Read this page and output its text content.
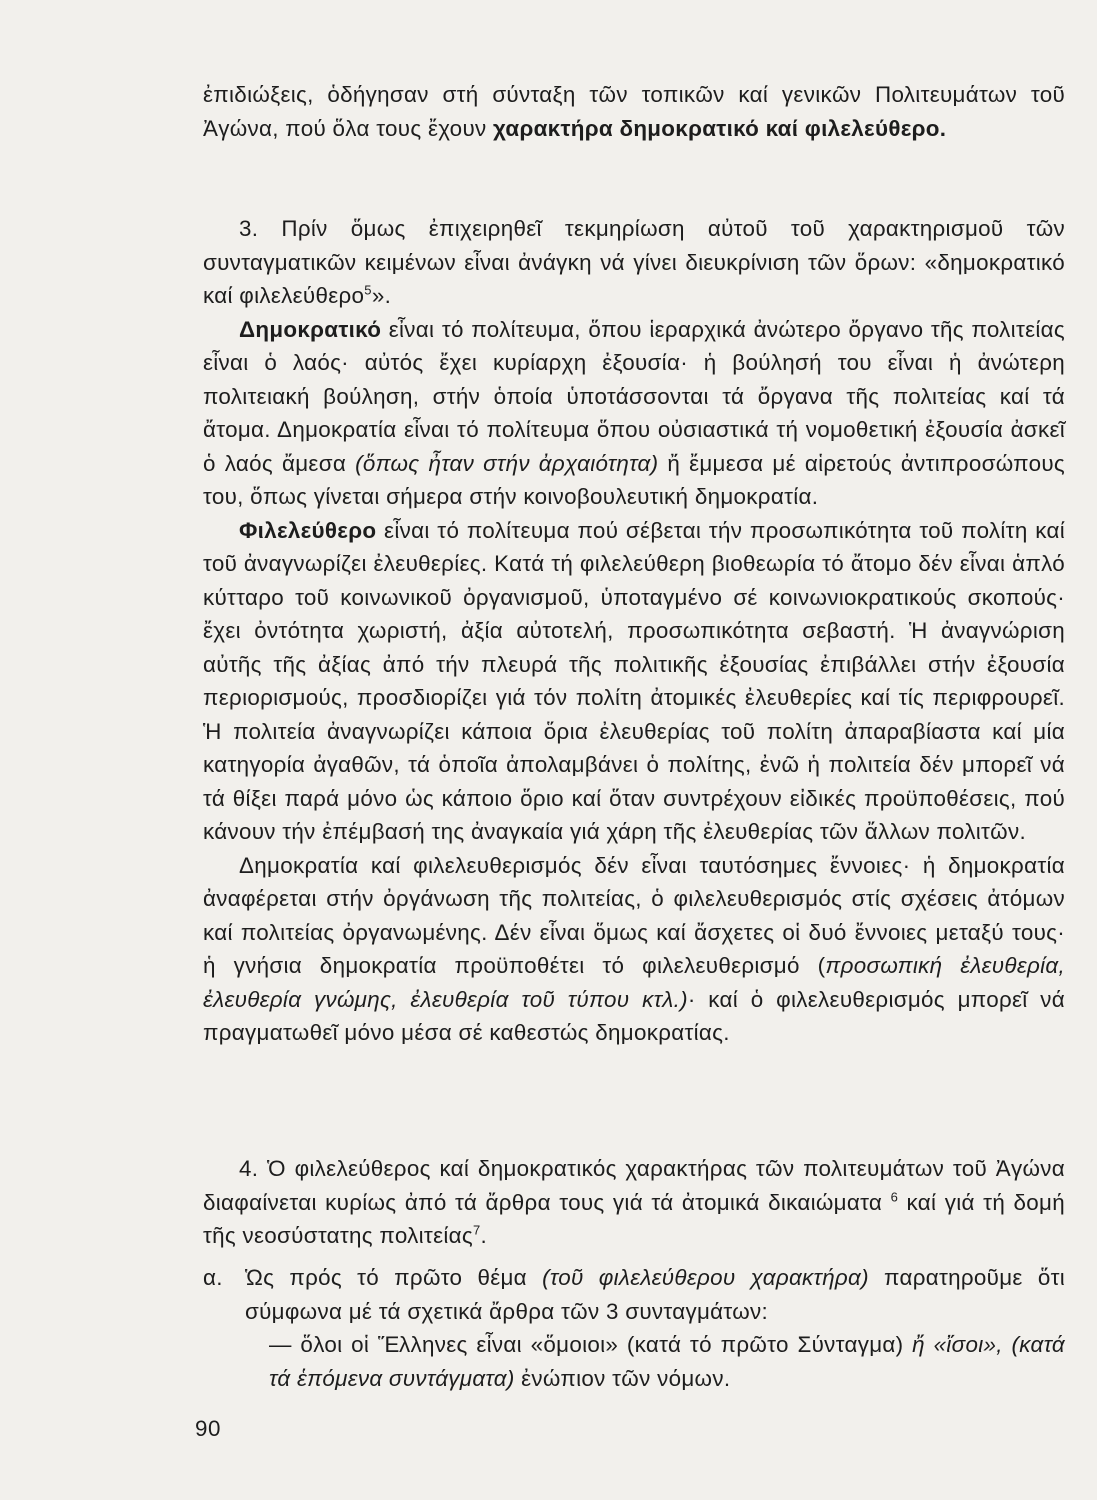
ἐπιδιώξεις, ὁδήγησαν στή σύνταξη τῶν τοπικῶν καί γενικῶν Πολιτευμάτων τοῦ Ἀγώνα, πού ὅλα τους ἔχουν χαρακτήρα δημοκρατικό καί φιλελεύθερο.

3. Πρίν ὅμως ἐπιχειρηθεῖ τεκμηρίωση αὐτοῦ τοῦ χαρακτηρισμοῦ τῶν συνταγματικῶν κειμένων εἶναι ἀνάγκη νά γίνει διευκρίνιση τῶν ὅρων: «δημοκρατικό καί φιλελεύθερο$^5$».

Δημοκρατικό εἶναι τό πολίτευμα, ὅπου ἱεραρχικά ἀνώτερο ὄργανο τῆς πολιτείας εἶναι ὁ λαός· αὐτός ἔχει κυρίαρχη ἐξουσία· ἡ βούλησή του εἶναι ἡ ἀνώτερη πολιτειακή βούληση, στήν ὁποία ὑποτάσσονται τά ὄργανα τῆς πολιτείας καί τά ἄτομα. Δημοκρατία εἶναι τό πολίτευμα ὅπου οὐσιαστικά τή νομοθετική ἐξουσία ἀσκεῖ ὁ λαός ἄμεσα (ὅπως ἦταν στήν ἀρχαιότητα) ἤ ἔμμεσα μέ αἱρετούς ἀντιπροσώπους του, ὅπως γίνεται σήμερα στήν κοινοβουλευτική δημοκρατία.

Φιλελεύθερο εἶναι τό πολίτευμα πού σέβεται τήν προσωπικότητα τοῦ πολίτη καί τοῦ ἀναγνωρίζει ἐλευθερίες. Κατά τή φιλελεύθερη βιοθεωρία τό ἄτομο δέν εἶναι ἁπλό κύτταρο τοῦ κοινωνικοῦ ὀργανισμοῦ, ὑποταγμένο σέ κοινωνιοκρατικούς σκοπούς· ἔχει ὀντότητα χωριστή, ἀξία αὐτοτελή, προσωπικότητα σεβαστή. Ἡ ἀναγνώριση αὐτῆς τῆς ἀξίας ἀπό τήν πλευρά τῆς πολιτικῆς ἐξουσίας ἐπιβάλλει στήν ἐξουσία περιορισμούς, προσδιορίζει γιά τόν πολίτη ἀτομικές ἐλευθερίες καί τίς περιφρουρεῖ. Ἡ πολιτεία ἀναγνωρίζει κάποια ὅρια ἐλευθερίας τοῦ πολίτη ἀπαραβίαστα καί μία κατηγορία ἀγαθῶν, τά ὁποῖα ἀπολαμβάνει ὁ πολίτης, ἐνῶ ἡ πολιτεία δέν μπορεῖ νά τά θίξει παρά μόνο ὡς κάποιο ὅριο καί ὅταν συντρέχουν εἰδικές προϋποθέσεις, πού κάνουν τήν ἐπέμβασή της ἀναγκαία γιά χάρη τῆς ἐλευθερίας τῶν ἄλλων πολιτῶν.

Δημοκρατία καί φιλελευθερισμός δέν εἶναι ταυτόσημες ἔννοιες· ἡ δημοκρατία ἀναφέρεται στήν ὀργάνωση τῆς πολιτείας, ὁ φιλελευθερισμός στίς σχέσεις ἀτόμων καί πολιτείας ὀργανωμένης. Δέν εἶναι ὅμως καί ἄσχετες οἱ δυό ἔννοιες μεταξύ τους· ἡ γνήσια δημοκρατία προϋποθέτει τό φιλελευθερισμό (προσωπική ἐλευθερία, ἐλευθερία γνώμης, ἐλευθερία τοῦ τύπου κτλ.)· καί ὁ φιλελευθερισμός μπορεῖ νά πραγματωθεῖ μόνο μέσα σέ καθεστώς δημοκρατίας.

4. Ὁ φιλελεύθερος καί δημοκρατικός χαρακτήρας τῶν πολιτευμάτων τοῦ Ἀγώνα διαφαίνεται κυρίως ἀπό τά ἄρθρα τους γιά τά ἀτομικά δικαιώματα $^6$ καί γιά τή δομή τῆς νεοσύστατης πολιτείας$^7$.

α. Ὡς πρός τό πρῶτο θέμα (τοῦ φιλελεύθερου χαρακτήρα) παρατηροῦμε ὅτι σύμφωνα μέ τά σχετικά ἄρθρα τῶν 3 συνταγμάτων:
— ὅλοι οἱ Ἕλληνες εἶναι «ὅμοιοι» (κατά τό πρῶτο Σύνταγμα) ἤ «ἴσοι», (κατά τά ἑπόμενα συντάγματα) ἐνώπιον τῶν νόμων.
90
